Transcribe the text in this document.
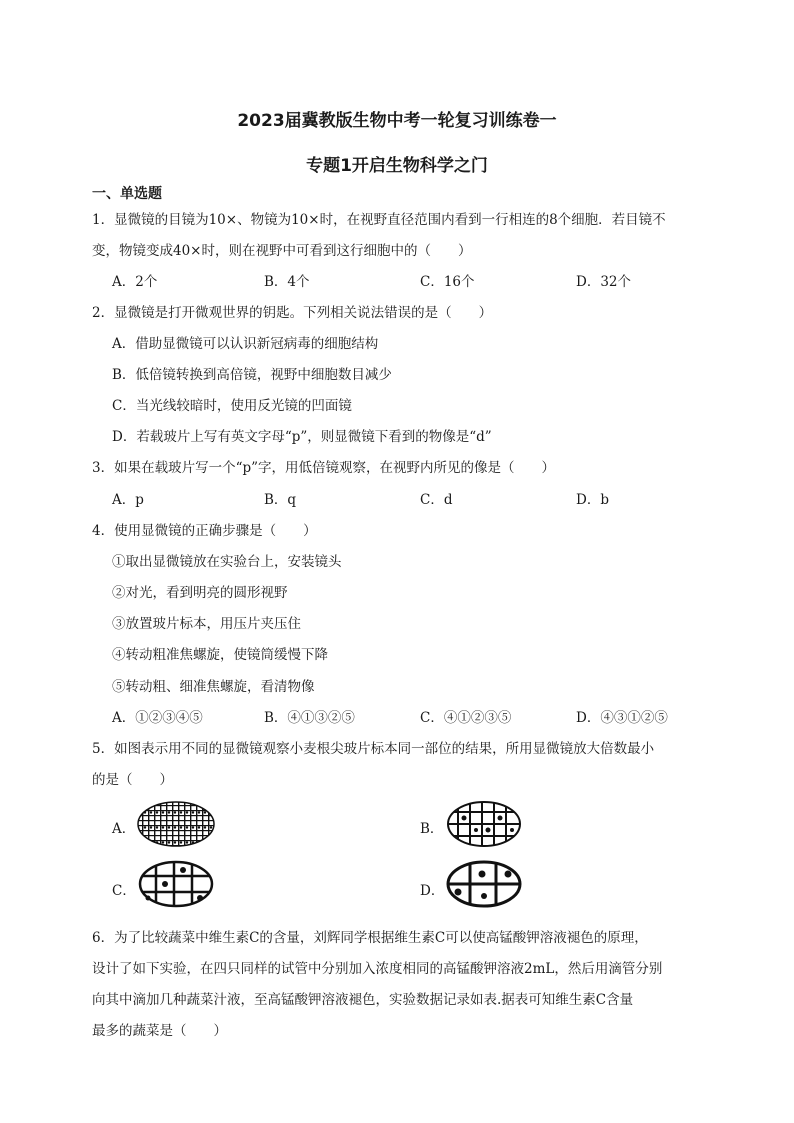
2023届冀教版生物中考一轮复习训练卷一
专题1开启生物科学之门
一、单选题
1．显微镜的目镜为10×、物镜为10×时，在视野直径范围内看到一行相连的8个细胞．若目镜不
变，物镜变成40×时，则在视野中可看到这行细胞中的（　　）
A．2个	B．4个	C．16个	D．32个
2．显微镜是打开微观世界的钥匙。下列相关说法错误的是（　　）
A．借助显微镜可以认识新冠病毒的细胞结构
B．低倍镜转换到高倍镜，视野中细胞数目减少
C．当光线较暗时，使用反光镜的凹面镜
D．若载玻片上写有英文字母“p”，则显微镜下看到的物像是“d”
3．如果在载玻片写一个“p”字，用低倍镜观察，在视野内所见的像是（　　）
A．p	B．q	C．d	D．b
4．使用显微镜的正确步骤是（　　）
①取出显微镜放在实验台上，安装镜头
②对光，看到明亮的圆形视野
③放置玻片标本，用压片夹压住
④转动粗准焦螺旋，使镜筒缓慢下降
⑤转动粗、细准焦螺旋，看清物像
A．①②③④⑤	B．④①③②⑤	C．④①②③⑤	D．④③①②⑤
5．如图表示用不同的显微镜观察小麦根尖玻片标本同一部位的结果，所用显微镜放大倍数最小
的是（　　）
A．	B．
C．	D．
6．为了比较蔬菜中维生素C的含量，刘辉同学根据维生素C可以使高锰酸钾溶液褪色的原理，
设计了如下实验，在四只同样的试管中分别加入浓度相同的高锰酸钾溶液2mL，然后用滴管分别
向其中滴加几种蔬菜汁液，至高锰酸钾溶液褪色，实验数据记录如表.据表可知维生素C含量
最多的蔬菜是（　　）
